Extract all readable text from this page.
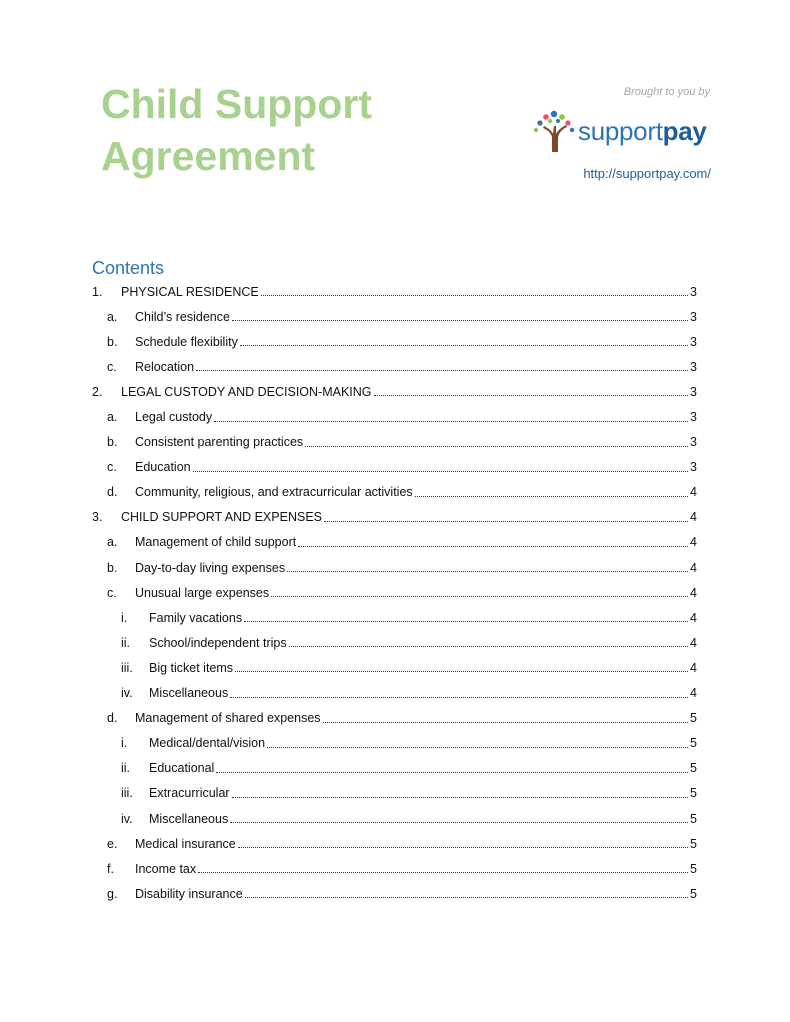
Child Support
Agreement
Brought to you by
supportpay
http://supportpay.com/
Contents
1.	PHYSICAL RESIDENCE	3
a.	Child’s residence	3
b.	Schedule flexibility	3
c.	Relocation	3
2.	LEGAL CUSTODY AND DECISION-MAKING	3
a.	Legal custody	3
b.	Consistent parenting practices	3
c.	Education	3
d.	Community, religious, and extracurricular activities	4
3.	CHILD SUPPORT AND EXPENSES	4
a.	Management of child support	4
b.	Day-to-day living expenses	4
c.	Unusual large expenses	4
i.	Family vacations	4
ii.	School/independent trips	4
iii.	Big ticket items	4
iv.	Miscellaneous	4
d.	Management of shared expenses	5
i.	Medical/dental/vision	5
ii.	Educational	5
iii.	Extracurricular	5
iv.	Miscellaneous	5
e.	Medical insurance	5
f.	Income tax	5
g.	Disability insurance	5
